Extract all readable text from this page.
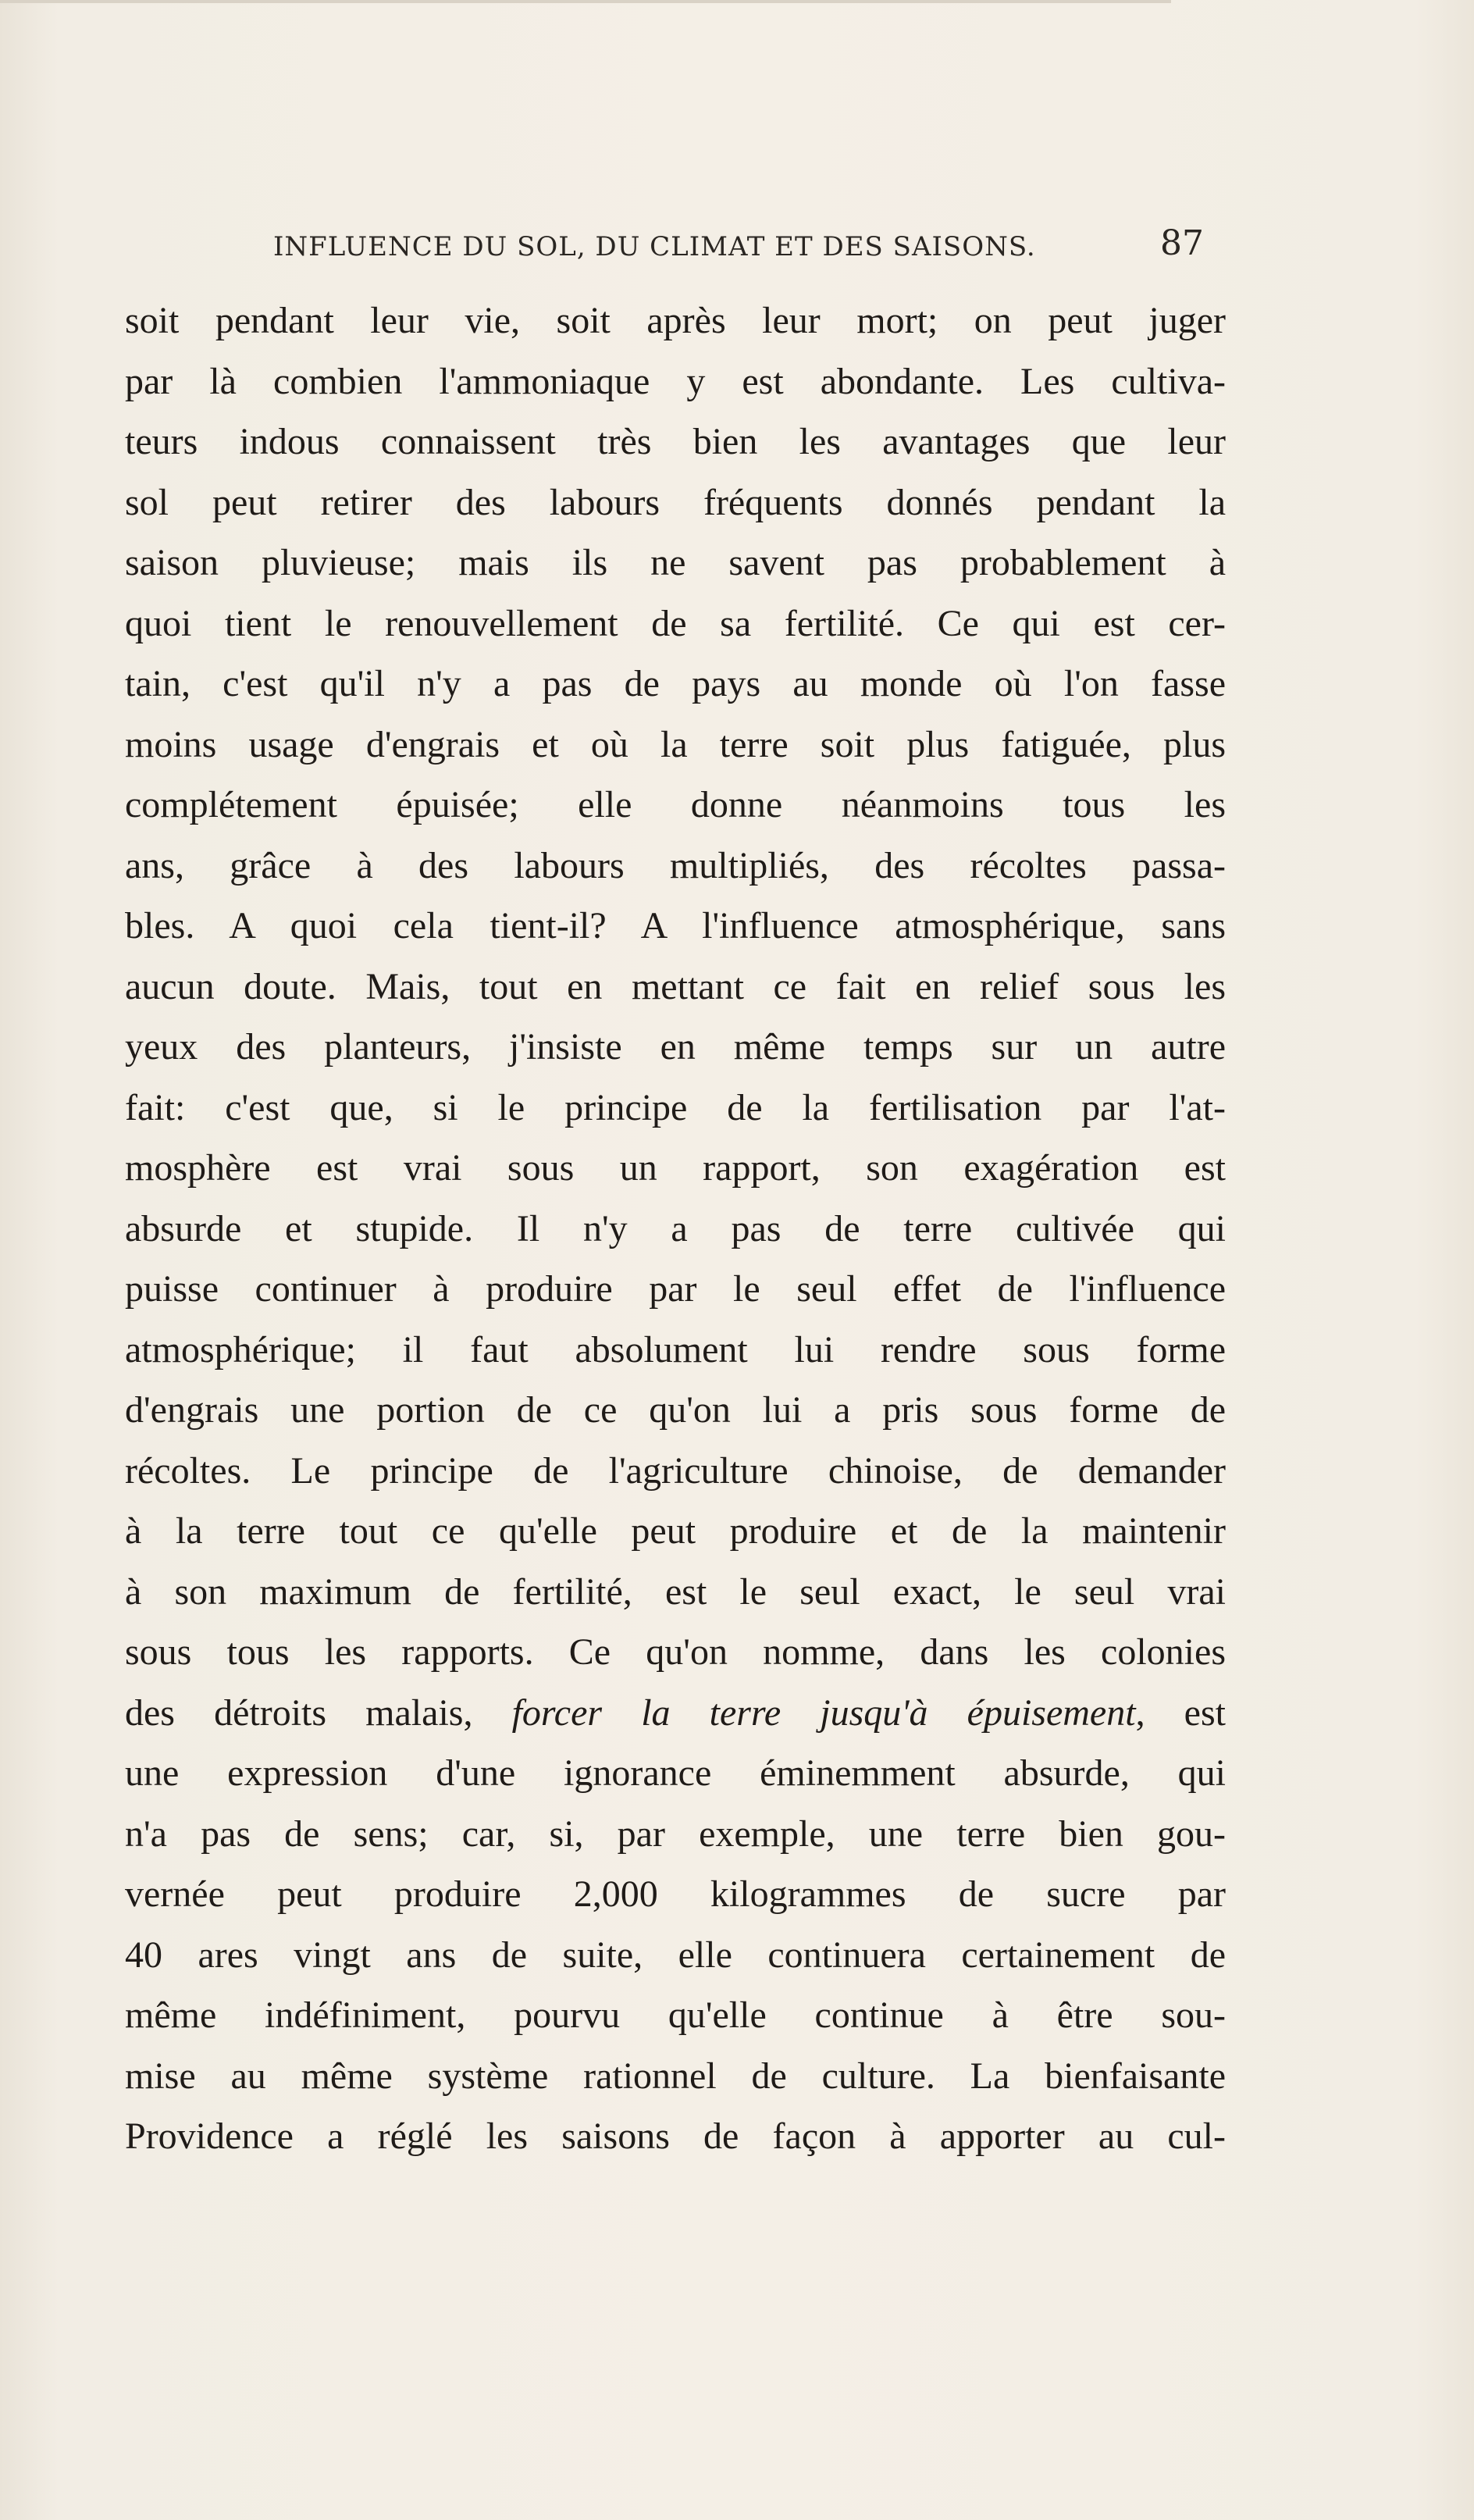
INFLUENCE DU SOL, DU CLIMAT ET DES SAISONS.	87
soit pendant leur vie, soit après leur mort; on peut juger
par là combien l'ammoniaque y est abondante. Les cultiva-
teurs indous connaissent très bien les avantages que leur
sol peut retirer des labours fréquents donnés pendant la
saison pluvieuse; mais ils ne savent pas probablement à
quoi tient le renouvellement de sa fertilité. Ce qui est cer-
tain, c'est qu'il n'y a pas de pays au monde où l'on fasse
moins usage d'engrais et où la terre soit plus fatiguée, plus
complétement épuisée; elle donne néanmoins tous les
ans, grâce à des labours multipliés, des récoltes passa-
bles. A quoi cela tient-il? A l'influence atmosphérique, sans
aucun doute. Mais, tout en mettant ce fait en relief sous les
yeux des planteurs, j'insiste en même temps sur un autre
fait: c'est que, si le principe de la fertilisation par l'at-
mosphère est vrai sous un rapport, son exagération est
absurde et stupide. Il n'y a pas de terre cultivée qui
puisse continuer à produire par le seul effet de l'influence
atmosphérique; il faut absolument lui rendre sous forme
d'engrais une portion de ce qu'on lui a pris sous forme de
récoltes. Le principe de l'agriculture chinoise, de demander
à la terre tout ce qu'elle peut produire et de la maintenir
à son maximum de fertilité, est le seul exact, le seul vrai
sous tous les rapports. Ce qu'on nomme, dans les colonies
des détroits malais, forcer la terre jusqu'à épuisement, est
une expression d'une ignorance éminemment absurde, qui
n'a pas de sens; car, si, par exemple, une terre bien gou-
vernée peut produire 2,000 kilogrammes de sucre par
40 ares vingt ans de suite, elle continuera certainement de
même indéfiniment, pourvu qu'elle continue à être sou-
mise au même système rationnel de culture. La bienfaisante
Providence a réglé les saisons de façon à apporter au cul-
